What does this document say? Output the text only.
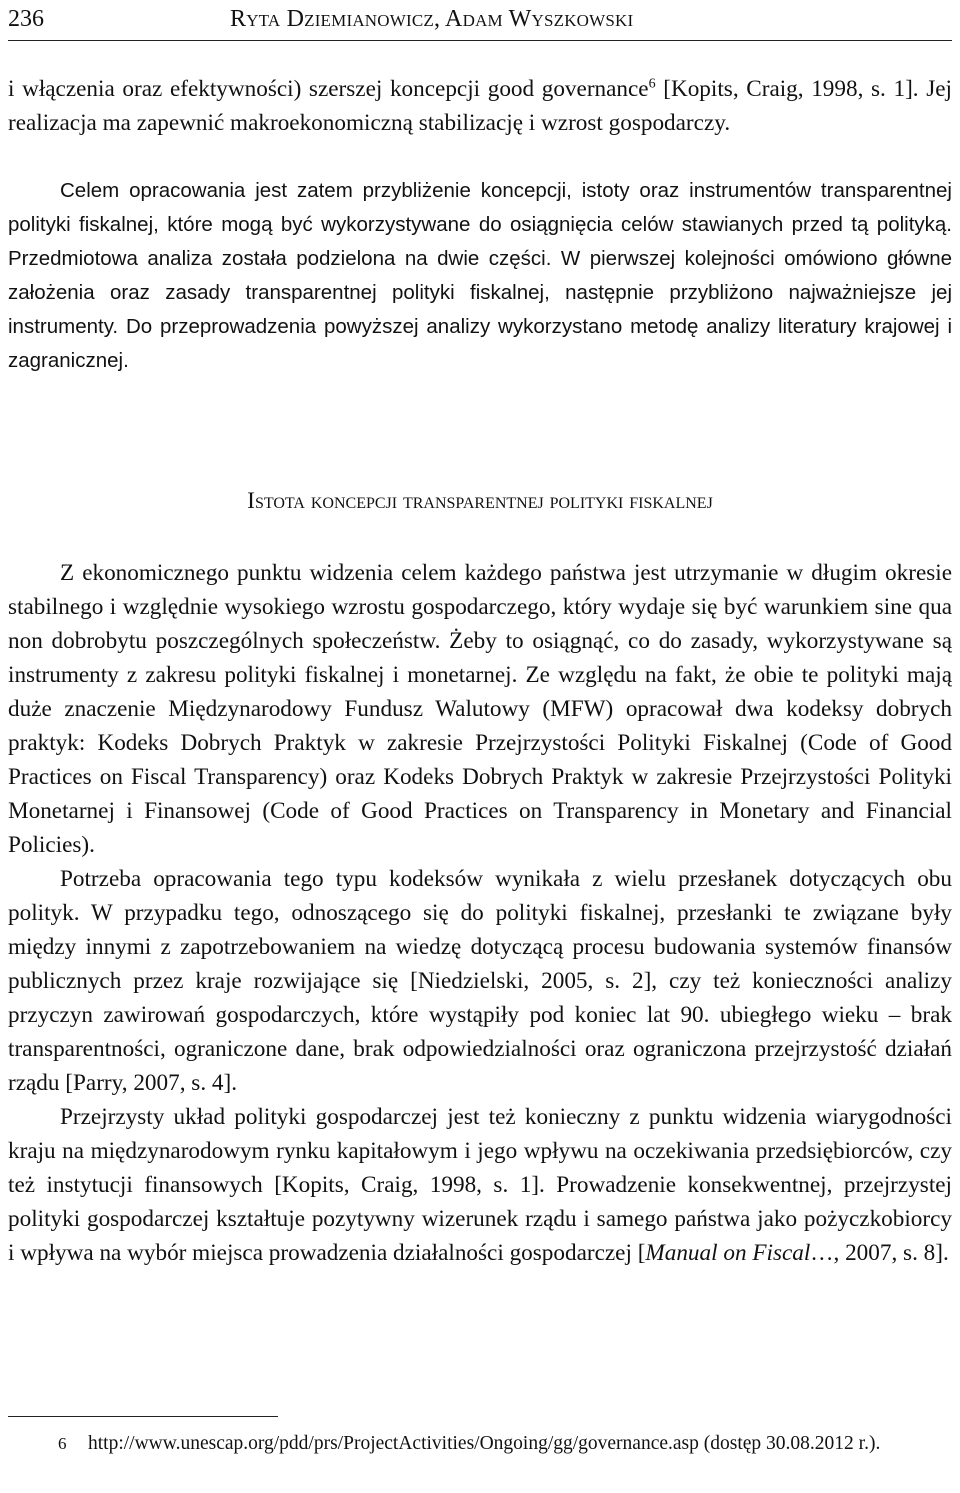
236	Ryta Dziemianowicz, Adam Wyszkowski

i włączenia oraz efektywności) szerszej koncepcji good governance$^6$ [Kopits, Craig, 1998, s. 1]. Jej realizacja ma zapewnić makroekonomiczną stabilizację i wzrost gospodarczy.

Celem opracowania jest zatem przybliżenie koncepcji, istoty oraz instrumentów transparentnej polityki fiskalnej, które mogą być wykorzystywane do osiągnięcia celów stawianych przed tą polityką. Przedmiotowa analiza została podzielona na dwie części. W pierwszej kolejności omówiono główne założenia oraz zasady transparentnej polityki fiskalnej, następnie przybliżono najważniejsze jej instrumenty. Do przeprowadzenia powyższej analizy wykorzystano metodę analizy literatury krajowej i zagranicznej.

Istota koncepcji transparentnej polityki fiskalnej

Z ekonomicznego punktu widzenia celem każdego państwa jest utrzymanie w długim okresie stabilnego i względnie wysokiego wzrostu gospodarczego, który wydaje się być warunkiem sine qua non dobrobytu poszczególnych społeczeństw. Żeby to osiągnąć, co do zasady, wykorzystywane są instrumenty z zakresu polityki fiskalnej i monetarnej. Ze względu na fakt, że obie te polityki mają duże znaczenie Międzynarodowy Fundusz Walutowy (MFW) opracował dwa kodeksy dobrych praktyk: Kodeks Dobrych Praktyk w zakresie Przejrzystości Polityki Fiskalnej (Code of Good Practices on Fiscal Transparency) oraz Kodeks Dobrych Praktyk w zakresie Przejrzystości Polityki Monetarnej i Finansowej (Code of Good Practices on Transparency in Monetary and Financial Policies).

Potrzeba opracowania tego typu kodeksów wynikała z wielu przesłanek dotyczących obu polityk. W przypadku tego, odnoszącego się do polityki fiskalnej, przesłanki te związane były między innymi z zapotrzebowaniem na wiedzę dotyczącą procesu budowania systemów finansów publicznych przez kraje rozwijające się [Niedzielski, 2005, s. 2], czy też konieczności analizy przyczyn zawirowań gospodarczych, które wystąpiły pod koniec lat 90. ubiegłego wieku – brak transparentności, ograniczone dane, brak odpowiedzialności oraz ograniczona przejrzystość działań rządu [Parry, 2007, s. 4].

Przejrzysty układ polityki gospodarczej jest też konieczny z punktu widzenia wiarygodności kraju na międzynarodowym rynku kapitałowym i jego wpływu na oczekiwania przedsiębiorców, czy też instytucji finansowych [Kopits, Craig, 1998, s. 1]. Prowadzenie konsekwentnej, przejrzystej polityki gospodarczej kształtuje pozytywny wizerunek rządu i samego państwa jako pożyczkobiorcy i wpływa na wybór miejsca prowadzenia działalności gospodarczej [Manual on Fiscal…, 2007, s. 8].

6 http://www.unescap.org/pdd/prs/ProjectActivities/Ongoing/gg/governance.asp (dostęp 30.08.2012 r.).
